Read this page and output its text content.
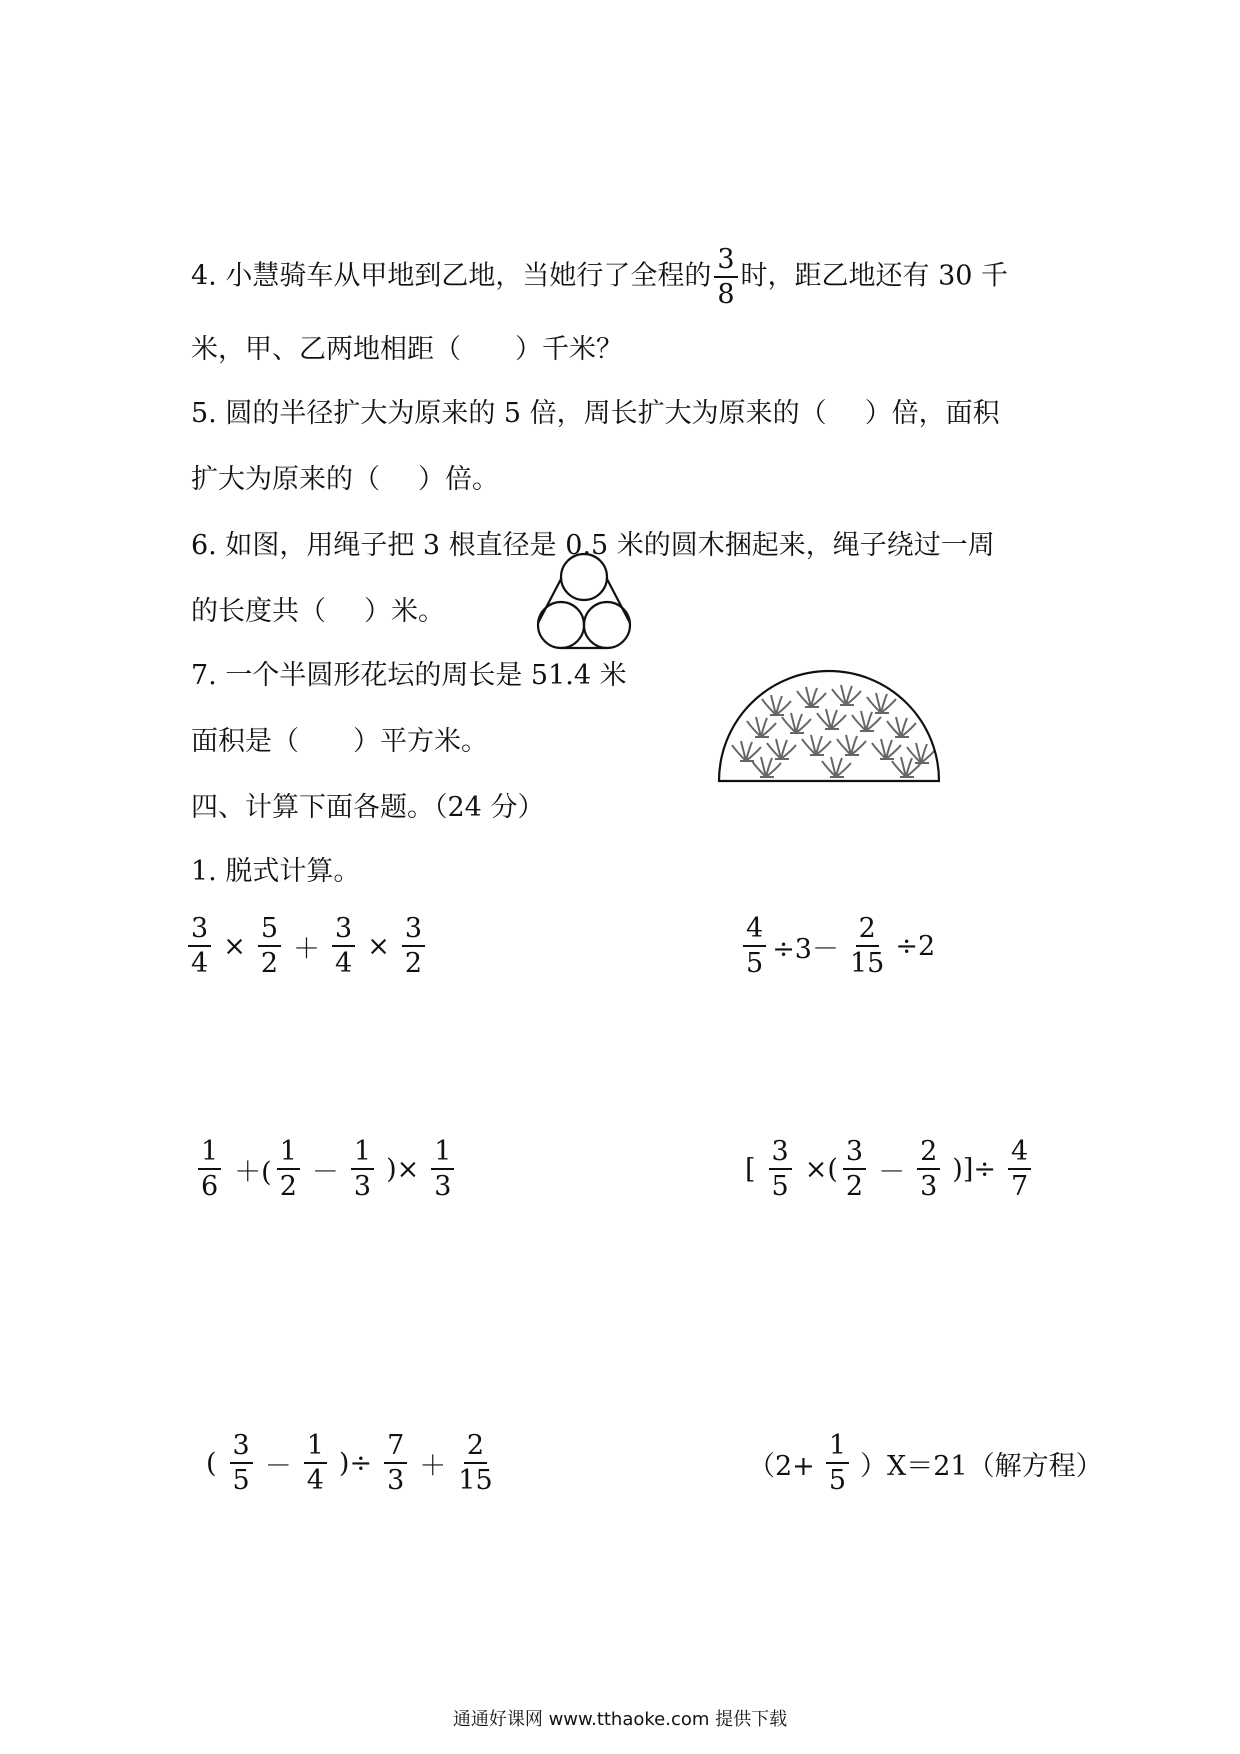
4. 小慧骑车从甲地到乙地，当她行了全程的 $\frac{3}{8}$ 时，距乙地还有 30 千
米，甲、乙两地相距（ ）千米？
5. 圆的半径扩大为原来的 5 倍，周长扩大为原来的（ ）倍，面积
扩大为原来的（ ）倍。
6. 如图，用绳子把 3 根直径是 0.5 米的圆木捆起来，绳子绕过一周
的长度共（ ）米。
7. 一个半圆形花坛的周长是 51.4 米
面积是（ ）平方米。
四、计算下面各题。（24 分）
1. 脱式计算。
$\frac{3}{4} \times \frac{5}{2} + \frac{3}{4} \times \frac{3}{2}$	$\frac{4}{5} \div 3- \frac{2}{15} \div 2$
$\frac{1}{6}$ ＋( $\frac{1}{2} - \frac{1}{3}$ )× $\frac{1}{3}$	[ $\frac{3}{5}$ ×( $\frac{3}{2} - \frac{2}{3}$ )]÷ $\frac{4}{7}$
( $\frac{3}{5} - \frac{1}{4}$ )÷ $\frac{7}{3} + \frac{2}{15}$	$(2+ \frac{1}{5} )X=21$（解方程）
通通好课网 www.tthaoke.com 提供下载
